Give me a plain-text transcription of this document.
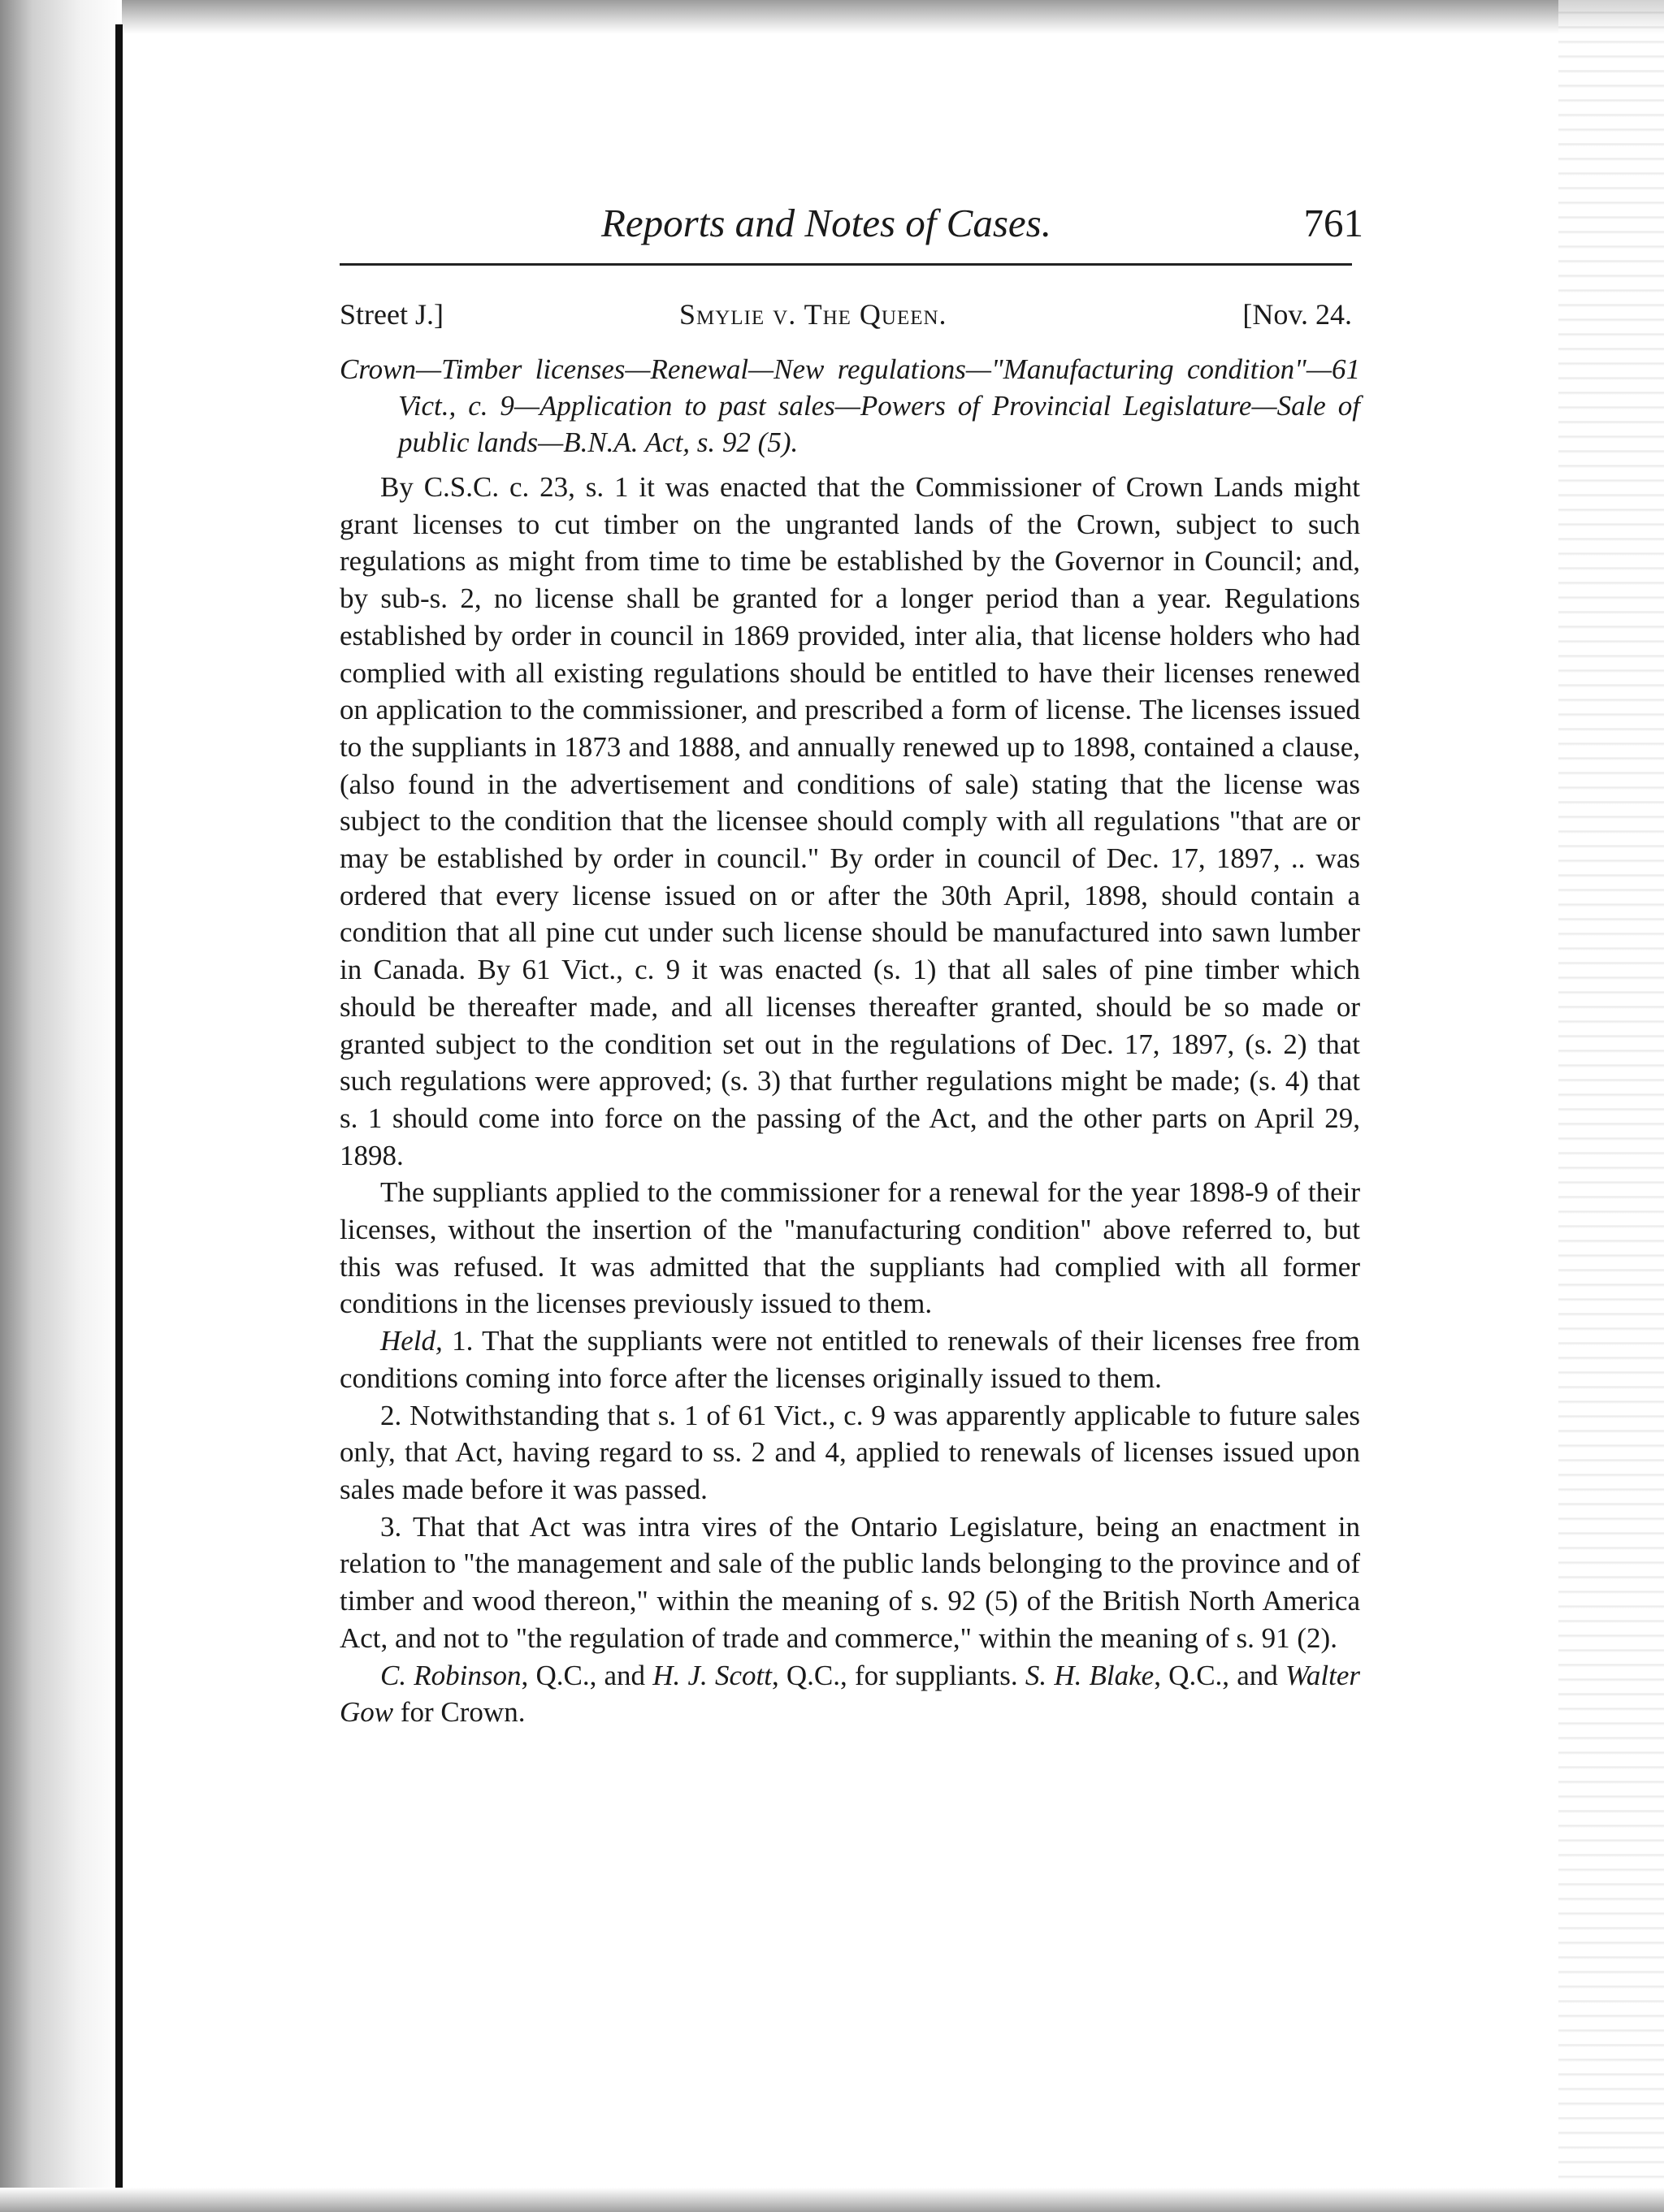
Reports and Notes of Cases.	761
Street J.]	Smylie v. The Queen.	[Nov. 24.

Crown—Timber licenses—Renewal—New regulations—"Manufacturing condition"—61 Vict., c. 9—Application to past sales—Powers of Provincial Legislature—Sale of public lands—B.N.A. Act, s. 92 (5).

By C.S.C. c. 23, s. 1 it was enacted that the Commissioner of Crown Lands might grant licenses to cut timber on the ungranted lands of the Crown, subject to such regulations as might from time to time be established by the Governor in Council; and, by sub-s. 2, no license shall be granted for a longer period than a year. Regulations established by order in council in 1869 provided, inter alia, that license holders who had complied with all existing regulations should be entitled to have their licenses renewed on application to the commissioner, and prescribed a form of license. The licenses issued to the suppliants in 1873 and 1888, and annually renewed up to 1898, contained a clause, (also found in the advertisement and conditions of sale) stating that the license was subject to the condition that the licensee should comply with all regulations "that are or may be established by order in council." By order in council of Dec. 17, 1897, .. was ordered that every license issued on or after the 30th April, 1898, should contain a condition that all pine cut under such license should be manufactured into sawn lumber in Canada. By 61 Vict., c. 9 it was enacted (s. 1) that all sales of pine timber which should be thereafter made, and all licenses thereafter granted, should be so made or granted subject to the condition set out in the regulations of Dec. 17, 1897, (s. 2) that such regulations were approved; (s. 3) that further regulations might be made; (s. 4) that s. 1 should come into force on the passing of the Act, and the other parts on April 29, 1898.

The suppliants applied to the commissioner for a renewal for the year 1898-9 of their licenses, without the insertion of the "manufacturing condition" above referred to, but this was refused. It was admitted that the suppliants had complied with all former conditions in the licenses previously issued to them.

Held, 1. That the suppliants were not entitled to renewals of their licenses free from conditions coming into force after the licenses originally issued to them.

2. Notwithstanding that s. 1 of 61 Vict., c. 9 was apparently applicable to future sales only, that Act, having regard to ss. 2 and 4, applied to renewals of licenses issued upon sales made before it was passed.

3. That that Act was intra vires of the Ontario Legislature, being an enactment in relation to "the management and sale of the public lands belonging to the province and of timber and wood thereon," within the meaning of s. 92 (5) of the British North America Act, and not to "the regulation of trade and commerce," within the meaning of s. 91 (2).

C. Robinson, Q.C., and H. J. Scott, Q.C., for suppliants. S. H. Blake, Q.C., and Walter Gow for Crown.
